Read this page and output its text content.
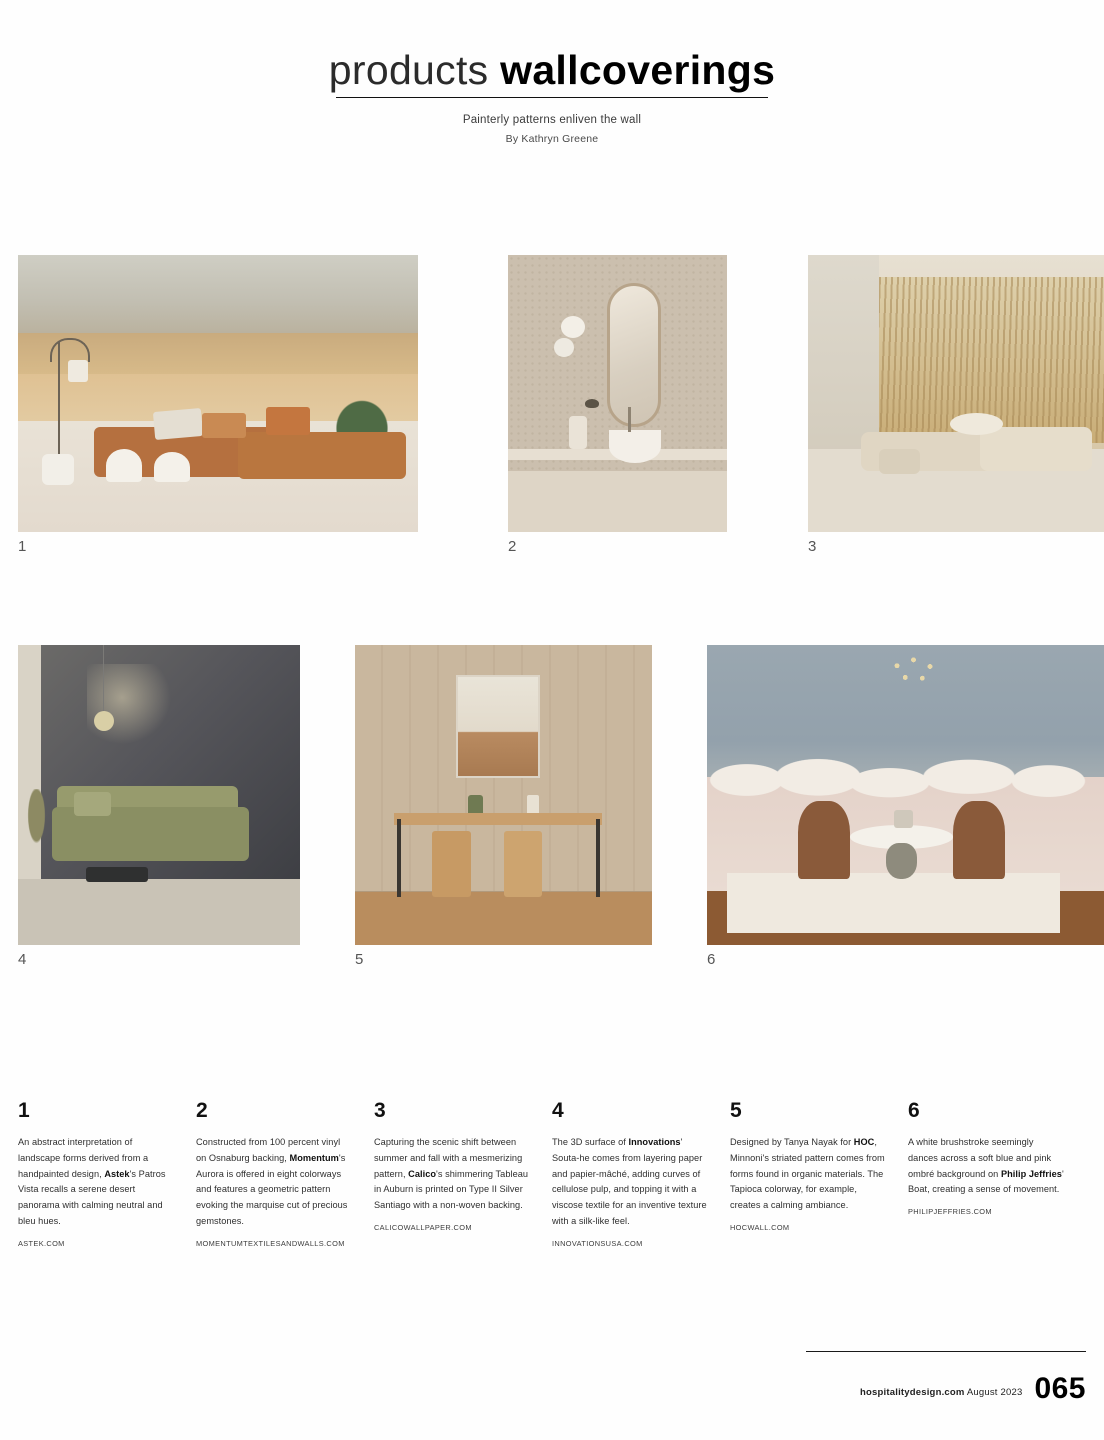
products wallcoverings
Painterly patterns enliven the wall
By Kathryn Greene
1	2	3
4	5	6
1
An abstract interpretation of landscape forms derived from a handpainted design, Astek's Patros Vista recalls a serene desert panorama with calming neutral and bleu hues.
ASTEK.COM
2
Constructed from 100 percent vinyl on Osnaburg backing, Momentum's Aurora is offered in eight colorways and features a geometric pattern evoking the marquise cut of precious gemstones.
MOMENTUMTEXTILESANDWALLS.COM
3
Capturing the scenic shift between summer and fall with a mesmerizing pattern, Calico's shimmering Tableau in Auburn is printed on Type II Silver Santiago with a non-woven backing.
CALICOWALLPAPER.COM
4
The 3D surface of Innovations' Souta-he comes from layering paper and papier-mâché, adding curves of cellulose pulp, and topping it with a viscose textile for an inventive texture with a silk-like feel.
INNOVATIONSUSA.COM
5
Designed by Tanya Nayak for HOC, Minnoni's striated pattern comes from forms found in organic materials. The Tapioca colorway, for example, creates a calming ambiance.
HOCWALL.COM
6
A white brushstroke seemingly dances across a soft blue and pink ombré background on Philip Jeffries' Boat, creating a sense of movement.
PHILIPJEFFRIES.COM
hospitalitydesign.com August 2023 065
